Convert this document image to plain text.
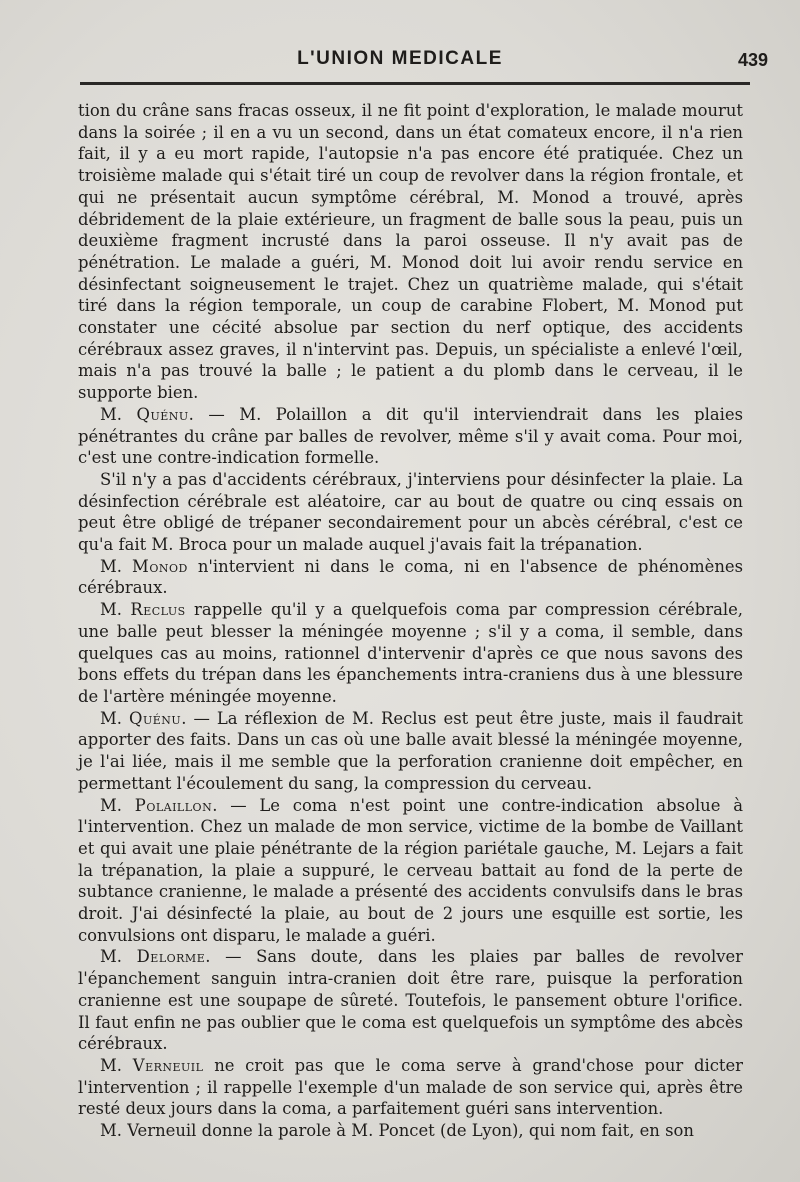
L'UNION MEDICALE	439

tion du crâne sans fracas osseux, il ne fit point d'exploration, le malade mourut dans la soirée ; il en a vu un second, dans un état comateux encore, il n'a rien fait, il y a eu mort rapide, l'autopsie n'a pas encore été pratiquée. Chez un troisième malade qui s'était tiré un coup de revolver dans la région frontale, et qui ne présentait aucun symptôme cérébral, M. Monod a trouvé, après débridement de la plaie extérieure, un fragment de balle sous la peau, puis un deuxième fragment incrusté dans la paroi osseuse. Il n'y avait pas de pénétration. Le malade a guéri, M. Monod doit lui avoir rendu service en désinfectant soigneusement le trajet. Chez un quatrième malade, qui s'était tiré dans la région temporale, un coup de carabine Flobert, M. Monod put constater une cécité absolue par section du nerf optique, des accidents cérébraux assez graves, il n'intervint pas. Depuis, un spécialiste a enlevé l'œil, mais n'a pas trouvé la balle ; le patient a du plomb dans le cerveau, il le supporte bien.

M. Quénu. — M. Polaillon a dit qu'il interviendrait dans les plaies pénétrantes du crâne par balles de revolver, même s'il y avait coma. Pour moi, c'est une contre-indication formelle.

S'il n'y a pas d'accidents cérébraux, j'interviens pour désinfecter la plaie. La désinfection cérébrale est aléatoire, car au bout de quatre ou cinq essais on peut être obligé de trépaner secondairement pour un abcès cérébral, c'est ce qu'a fait M. Broca pour un malade auquel j'avais fait la trépanation.

M. Monod n'intervient ni dans le coma, ni en l'absence de phénomènes cérébraux.

M. Reclus rappelle qu'il y a quelquefois coma par compression cérébrale, une balle peut blesser la méningée moyenne ; s'il y a coma, il semble, dans quelques cas au moins, rationnel d'intervenir d'après ce que nous savons des bons effets du trépan dans les épanchements intra-craniens dus à une blessure de l'artère méningée moyenne.

M. Quénu. — La réflexion de M. Reclus est peut être juste, mais il faudrait apporter des faits. Dans un cas où une balle avait blessé la méningée moyenne, je l'ai liée, mais il me semble que la perforation cranienne doit empêcher, en permettant l'écoulement du sang, la compression du cerveau.

M. Polaillon. — Le coma n'est point une contre-indication absolue à l'intervention. Chez un malade de mon service, victime de la bombe de Vaillant et qui avait une plaie pénétrante de la région pariétale gauche, M. Lejars a fait la trépanation, la plaie a suppuré, le cerveau battait au fond de la perte de subtance cranienne, le malade a présenté des accidents convulsifs dans le bras droit. J'ai désinfecté la plaie, au bout de 2 jours une esquille est sortie, les convulsions ont disparu, le malade a guéri.

M. Delorme. — Sans doute, dans les plaies par balles de revolver l'épanchement sanguin intra-cranien doit être rare, puisque la perforation cranienne est une soupape de sûreté. Toutefois, le pansement obture l'orifice. Il faut enfin ne pas oublier que le coma est quelquefois un symptôme des abcès cérébraux.

M. Verneuil ne croit pas que le coma serve à grand'chose pour dicter l'intervention ; il rappelle l'exemple d'un malade de son service qui, après être resté deux jours dans la coma, a parfaitement guéri sans intervention.

M. Verneuil donne la parole à M. Poncet (de Lyon), qui nom fait, en son
